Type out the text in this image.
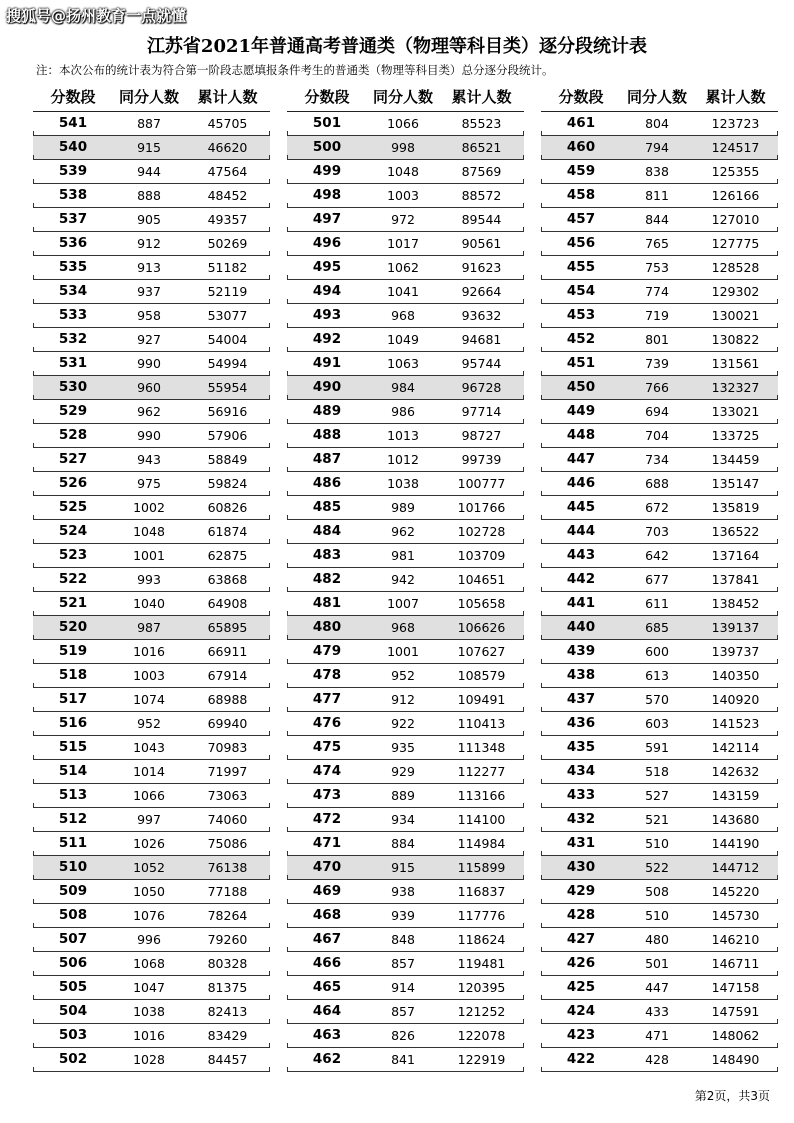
搜狐号@扬州教育一点就懂
江苏省2021年普通高考普通类（物理等科目类）逐分段统计表
注：本次公布的统计表为符合第一阶段志愿填报条件考生的普通类（物理等科目类）总分逐分段统计。
分数段	同分人数	累计人数
541	887	45705
540	915	46620
539	944	47564
538	888	48452
537	905	49357
536	912	50269
535	913	51182
534	937	52119
533	958	53077
532	927	54004
531	990	54994
530	960	55954
529	962	56916
528	990	57906
527	943	58849
526	975	59824
525	1002	60826
524	1048	61874
523	1001	62875
522	993	63868
521	1040	64908
520	987	65895
519	1016	66911
518	1003	67914
517	1074	68988
516	952	69940
515	1043	70983
514	1014	71997
513	1066	73063
512	997	74060
511	1026	75086
510	1052	76138
509	1050	77188
508	1076	78264
507	996	79260
506	1068	80328
505	1047	81375
504	1038	82413
503	1016	83429
502	1028	84457
分数段	同分人数	累计人数
501	1066	85523
500	998	86521
499	1048	87569
498	1003	88572
497	972	89544
496	1017	90561
495	1062	91623
494	1041	92664
493	968	93632
492	1049	94681
491	1063	95744
490	984	96728
489	986	97714
488	1013	98727
487	1012	99739
486	1038	100777
485	989	101766
484	962	102728
483	981	103709
482	942	104651
481	1007	105658
480	968	106626
479	1001	107627
478	952	108579
477	912	109491
476	922	110413
475	935	111348
474	929	112277
473	889	113166
472	934	114100
471	884	114984
470	915	115899
469	938	116837
468	939	117776
467	848	118624
466	857	119481
465	914	120395
464	857	121252
463	826	122078
462	841	122919
分数段	同分人数	累计人数
461	804	123723
460	794	124517
459	838	125355
458	811	126166
457	844	127010
456	765	127775
455	753	128528
454	774	129302
453	719	130021
452	801	130822
451	739	131561
450	766	132327
449	694	133021
448	704	133725
447	734	134459
446	688	135147
445	672	135819
444	703	136522
443	642	137164
442	677	137841
441	611	138452
440	685	139137
439	600	139737
438	613	140350
437	570	140920
436	603	141523
435	591	142114
434	518	142632
433	527	143159
432	521	143680
431	510	144190
430	522	144712
429	508	145220
428	510	145730
427	480	146210
426	501	146711
425	447	147158
424	433	147591
423	471	148062
422	428	148490
第2页，共3页
